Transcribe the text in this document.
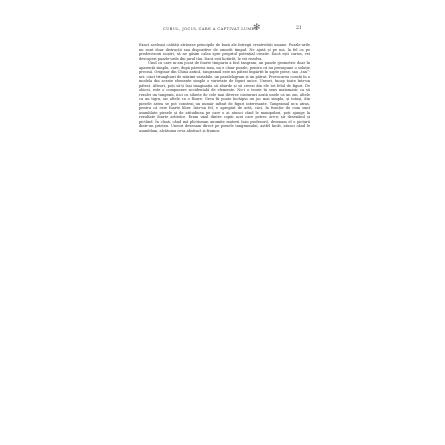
CUBUL, JOCUL CARE A CAPTIVAT LUMEA
✻	21

Exact aceleași calități atrăsese principile de bază ale întregii creativități umane. Puzzle-urile nu sunt doar distracții sau dispozitive de omorât timpul. Ne ajută și pe noi, la fel ca pe predecesorii noștri, să ne găsim calea spre propriul potențial creativ. Dacă ești curios, vei descoperi puzzle-urile din jurul tău. Dacă ești hotărât, le vei rezolva.

Unul cu care m-am jucat de foarte timpuriu a fost tangram, un puzzle geometric doar în aparență simplu, care, după părerea mea, nu e chiar puzzle, pentru că nu presupune o soluție precisă. Originar din China antică, tangramul este un pătrat împărțit în șapte piese, sau „tan“-uri: cinci triunghiuri de mărimi variabile, un paralelogram și un pătrat. Provocarea constă în a modela din aceste elemente simple o varietate de figuri unice. Uneori, încap toate într-un pătrat. Alteori, poți să-ți lași imaginația să zburde și să creezi din ele tot felul de figuri. De obicei, este o compunere accidentală de elemente. Nu-i o teorie în sens matematic ca să rezolvi un tangram, nici cu siluete de cele mai diverse contururi arată unele ca un om, altele ca un tigru, iar altele ca o floare. Greu îți poate închipui un joc mai simplu, și totuși, din piesele astea se pot construi un număr infinit de figuri interesante. Tangramul m-a atras, pentru că este foarte liber. Într-un fel, e apropiat de artă, căci, în funcție de cum sunt asamblate piesele și de atitudinea pe care o ai atunci când le manipulezi, poți ajunge la rezultate foarte artistice. Eram unul dintre copiii acei care petrec ore-n șir desenând și pictând. În clasă, când mă plictiseam anumite materii (sau profesori), desenam el o pictură dintr-un prieten. Uneori desenam direct pe piesele tangramului, astfel încât, atunci când le asamblam, alcătuiau ceva abstract și frumos.
